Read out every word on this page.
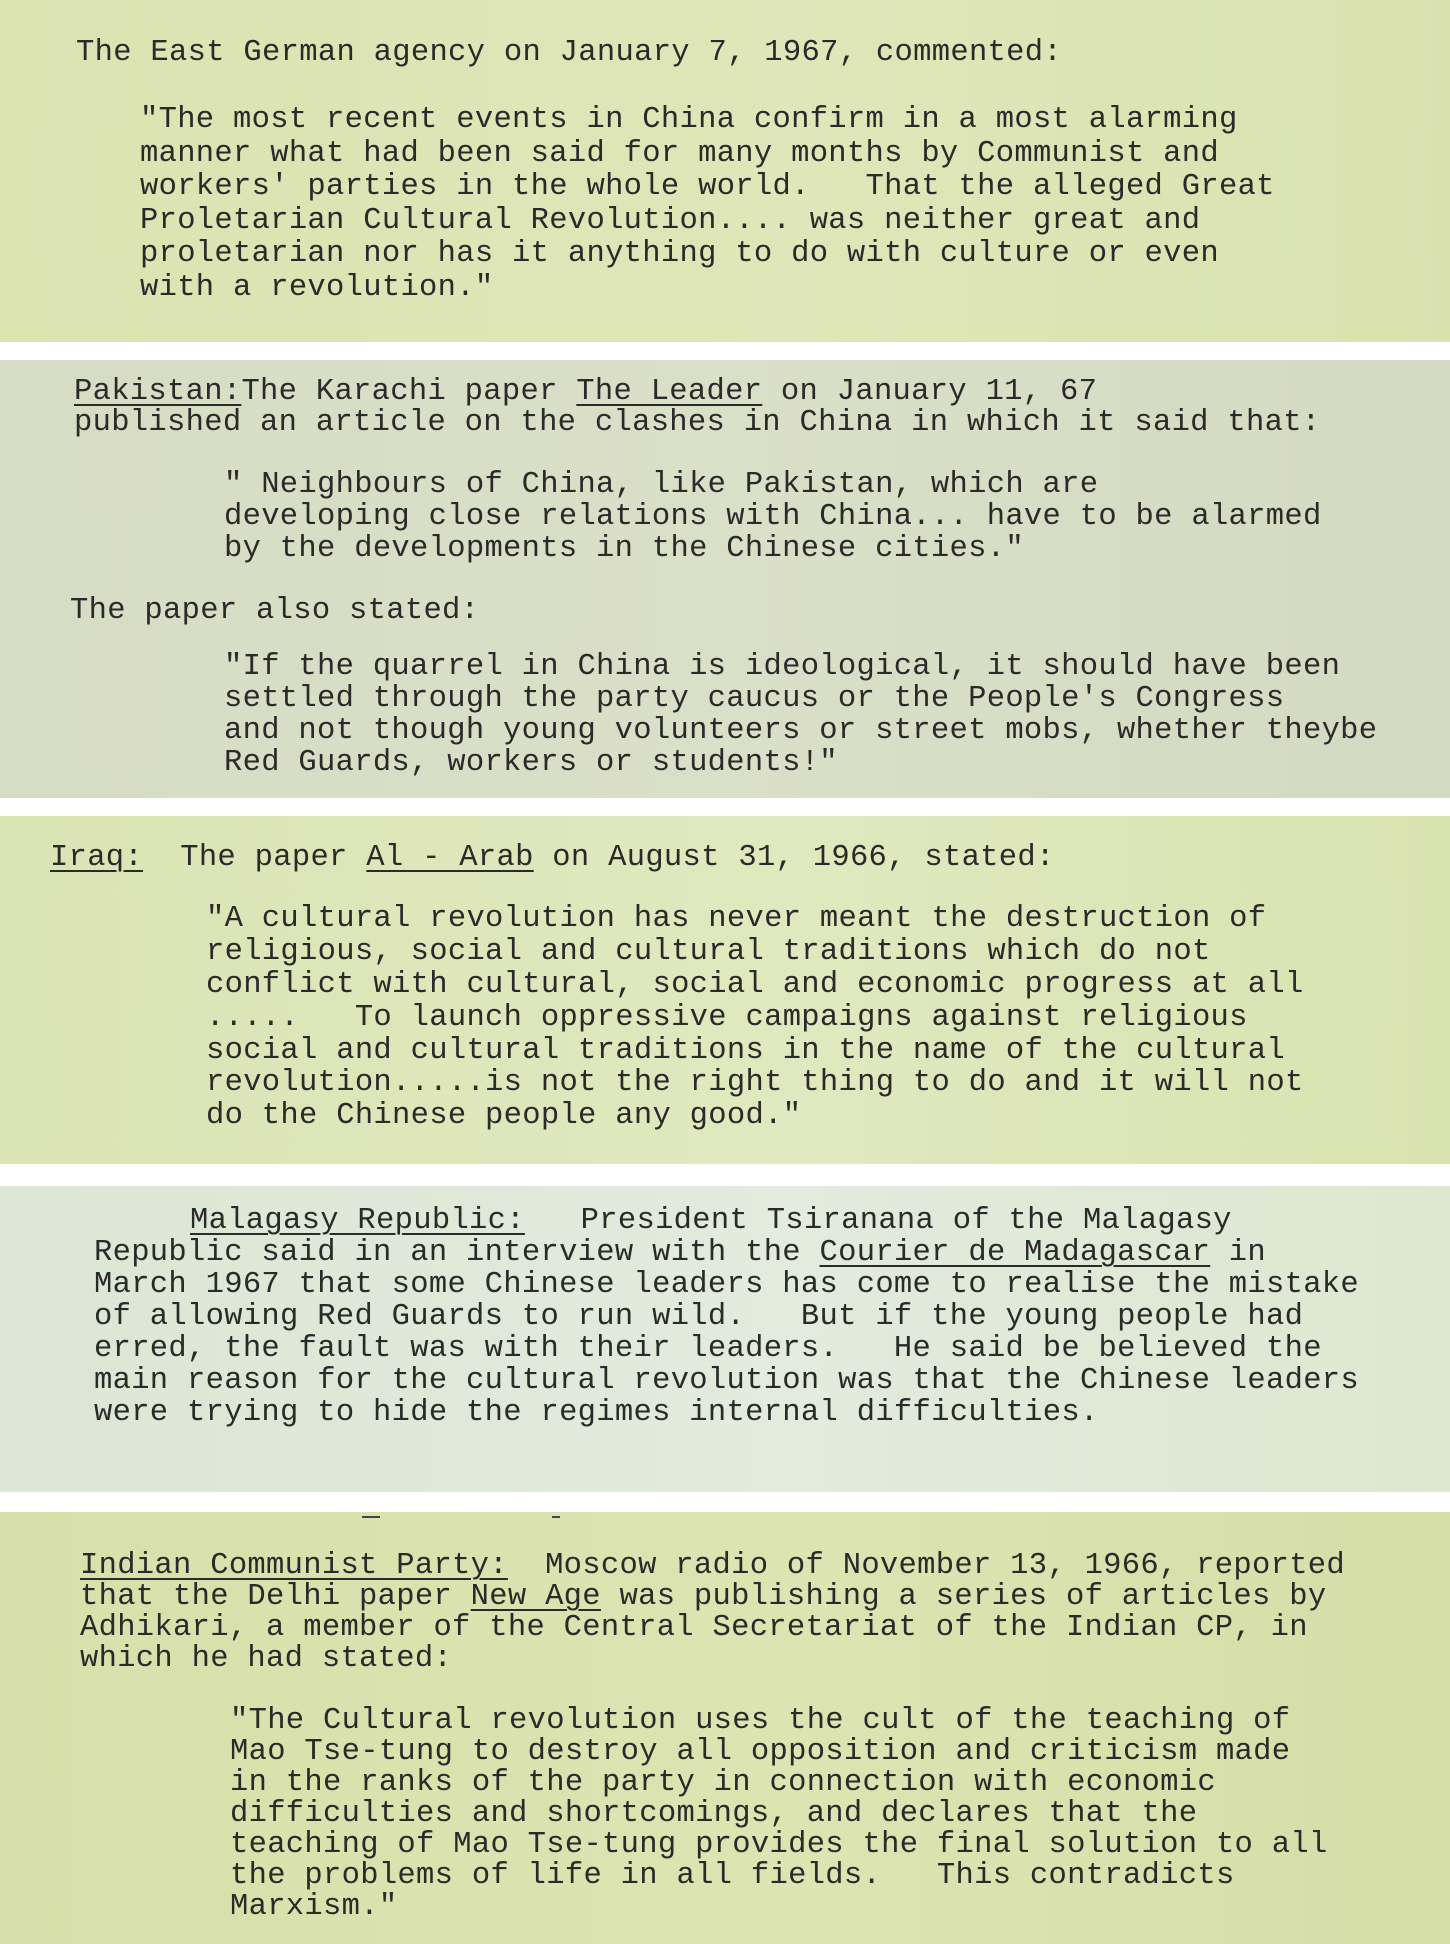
The East German agency on January 7, 1967, commented:
"The most recent events in China confirm in a most alarming
manner what had been said for many months by Communist and
workers' parties in the whole world.   That the alleged Great
Proletarian Cultural Revolution.... was neither great and
proletarian nor has it anything to do with culture or even
with a revolution."
Pakistan:The Karachi paper The Leader on January 11, 67
published an article on the clashes in China in which it said that:
" Neighbours of China, like Pakistan, which are
developing close relations with China... have to be alarmed
by the developments in the Chinese cities."
The paper also stated:
"If the quarrel in China is ideological, it should have been
settled through the party caucus or the People's Congress
and not though young volunteers or street mobs, whether theybe
Red Guards, workers or students!"
Iraq:  The paper Al - Arab on August 31, 1966, stated:
"A cultural revolution has never meant the destruction of
religious, social and cultural traditions which do not
conflict with cultural, social and economic progress at all
.....   To launch oppressive campaigns against religious
social and cultural traditions in the name of the cultural
revolution.....is not the right thing to do and it will not
do the Chinese people any good."
Malagasy Republic:   President Tsiranana of the Malagasy
Republic said in an interview with the Courier de Madagascar in
March 1967 that some Chinese leaders has come to realise the mistake
of allowing Red Guards to run wild.   But if the young people had
erred, the fault was with their leaders.   He said be believed the
main reason for the cultural revolution was that the Chinese leaders
were trying to hide the regimes internal difficulties.
Indian Communist Party:  Moscow radio of November 13, 1966, reported
that the Delhi paper New Age was publishing a series of articles by
Adhikari, a member of the Central Secretariat of the Indian CP, in
which he had stated:
"The Cultural revolution uses the cult of the teaching of
Mao Tse-tung to destroy all opposition and criticism made
in the ranks of the party in connection with economic
difficulties and shortcomings, and declares that the
teaching of Mao Tse-tung provides the final solution to all
the problems of life in all fields.   This contradicts
Marxism."
